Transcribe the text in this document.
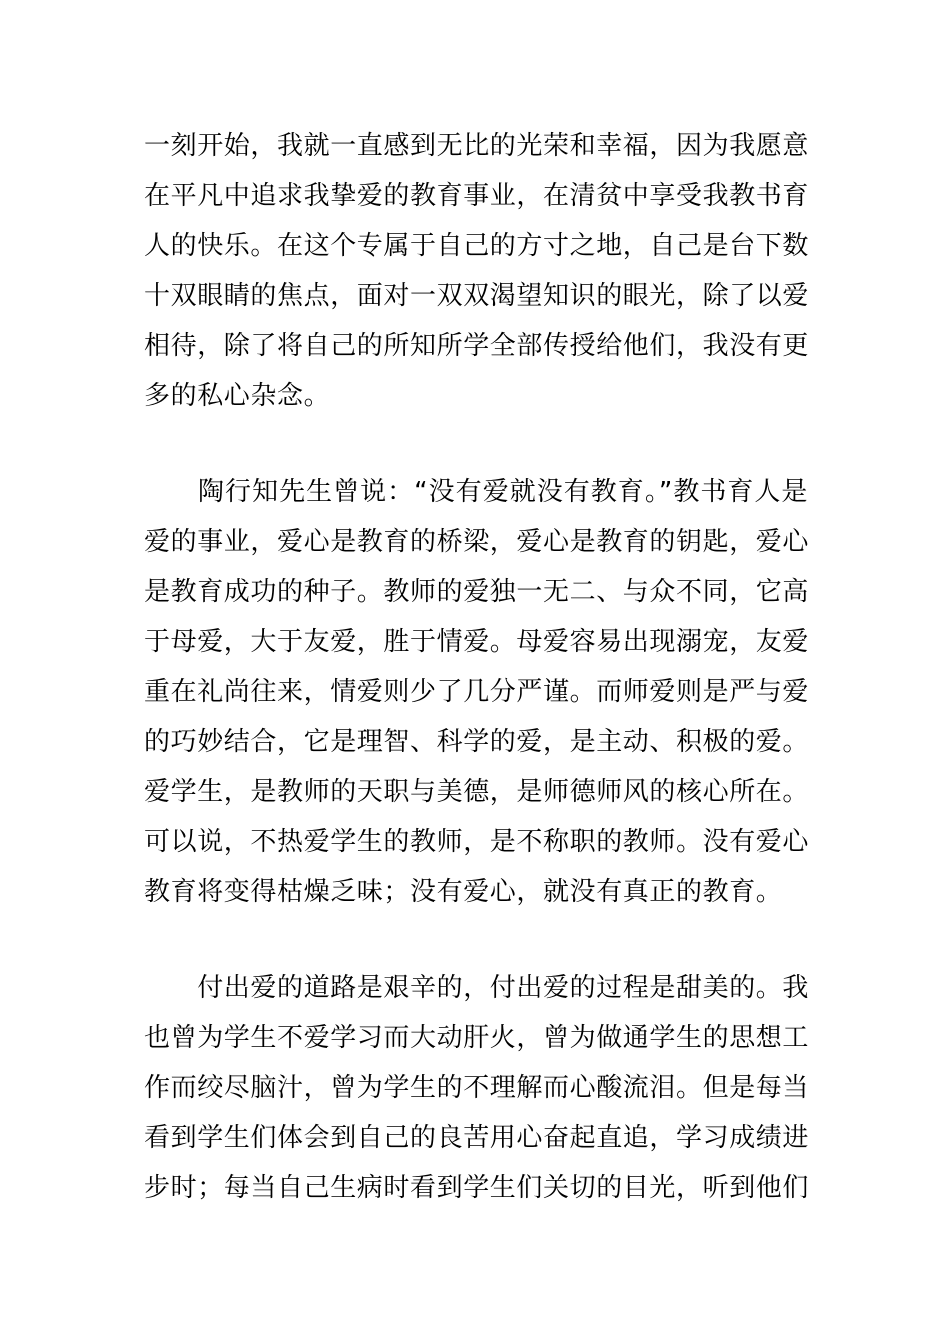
一刻开始，我就一直感到无比的光荣和幸福，因为我愿意
在平凡中追求我挚爱的教育事业，在清贫中享受我教书育
人的快乐。在这个专属于自己的方寸之地，自己是台下数
十双眼睛的焦点，面对一双双渴望知识的眼光，除了以爱
相待，除了将自己的所知所学全部传授给他们，我没有更
多的私心杂念。
　　陶行知先生曾说：“没有爱就没有教育。”教书育人是
爱的事业，爱心是教育的桥梁，爱心是教育的钥匙，爱心
是教育成功的种子。教师的爱独一无二、与众不同，它高
于母爱，大于友爱，胜于情爱。母爱容易出现溺宠，友爱
重在礼尚往来，情爱则少了几分严谨。而师爱则是严与爱
的巧妙结合，它是理智、科学的爱，是主动、积极的爱。
爱学生，是教师的天职与美德，是师德师风的核心所在。
可以说，不热爱学生的教师，是不称职的教师。没有爱心
教育将变得枯燥乏味；没有爱心，就没有真正的教育。
　　付出爱的道路是艰辛的，付出爱的过程是甜美的。我
也曾为学生不爱学习而大动肝火，曾为做通学生的思想工
作而绞尽脑汁，曾为学生的不理解而心酸流泪。但是每当
看到学生们体会到自己的良苦用心奋起直追，学习成绩进
步时；每当自己生病时看到学生们关切的目光，听到他们
